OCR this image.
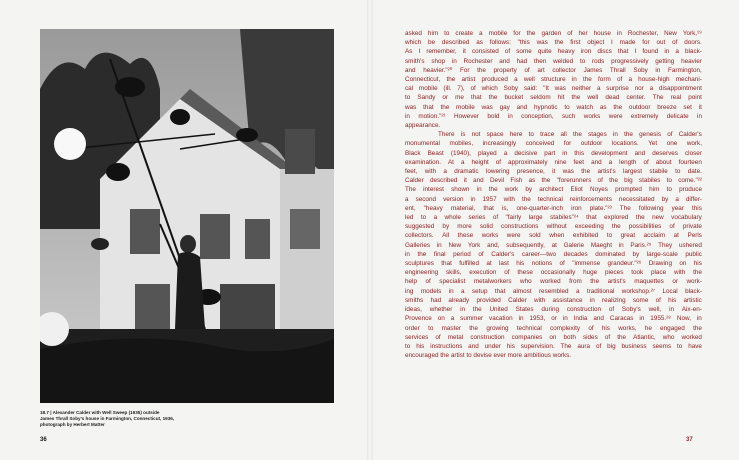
18.7 | Alexander Calder with Well Sweep (1935) outside
James Thrall Soby's house in Farmington, Connecticut, 1936,
photograph by Herbert Matter
36	37
asked him to create a mobile for the garden of her house in Rochester, New York,¹⁹
which be described as follows: "this was the first object I made for out of doors.
As I remember, it consisted of some quite heavy iron discs that I found in a black-
smith's shop in Rochester and had then welded to rods progressively getting heavier
and heavier."²⁰ For the property of art collector James Thrall Soby in Farmington,
Connecticut, the artist produced a well structure in the form of a house-high mechani-
cal mobile (ill. 7), of which Soby said: "It was neither a surprise nor a disappointment
to Sandy or me that the bucket seldom hit the well dead center. The real point
was that the mobile was gay and hypnotic to watch as the outdoor breeze set it
in motion."²¹ However bold in conception, such works were extremely delicate in
appearance.
There is not space here to trace all the stages in the genesis of Calder's
monumental mobiles, increasingly conceived for outdoor locations. Yet one work,
Black Beast (1940), played a decisive part in this development and deserves closer
examination. At a height of approximately nine feet and a length of about fourteen
feet, with a dramatic lowering presence, it was the artist's largest stabile to date.
Calder described it and Devil Fish as the "forerunners of the big stabiles to come."²²
The interest shown in the work by architect Eliot Noyes prompted him to produce
a second version in 1957 with the technical reinforcements necessitated by a differ-
ent, "heavy material, that is, one-quarter-inch iron plate."²³ The following year this
led to a whole series of "fairly large stabiles"²⁴ that explored the new vocabulary
suggested by more solid constructions without exceeding the possibilities of private
collectors. All these works were sold when exhibited to great acclaim at Perls
Galleries in New York and, subsequently, at Galerie Maeght in Paris.²⁵ They ushered
in the final period of Calder's career—two decades dominated by large-scale public
sculptures that fulfilled at last his notions of "immense grandeur."²⁶ Drawing on his
engineering skills, execution of these occasionally huge pieces took place with the
help of specialist metalworkers who worked from the artist's maquettes or work-
ing models in a setup that almost resembled a traditional workshop.²⁷ Local black-
smiths had already provided Calder with assistance in realizing some of his artistic
ideas, whether in the United States during construction of Soby's well, in Aix-en-
Provence on a summer vacation in 1953, or in India and Caracas in 1955.²⁸ Now, in
order to master the growing technical complexity of his works, he engaged the
services of metal construction companies on both sides of the Atlantic, who worked
to his instructions and under his supervision. The aura of big business seems to have
encouraged the artist to devise ever more ambitious works.
